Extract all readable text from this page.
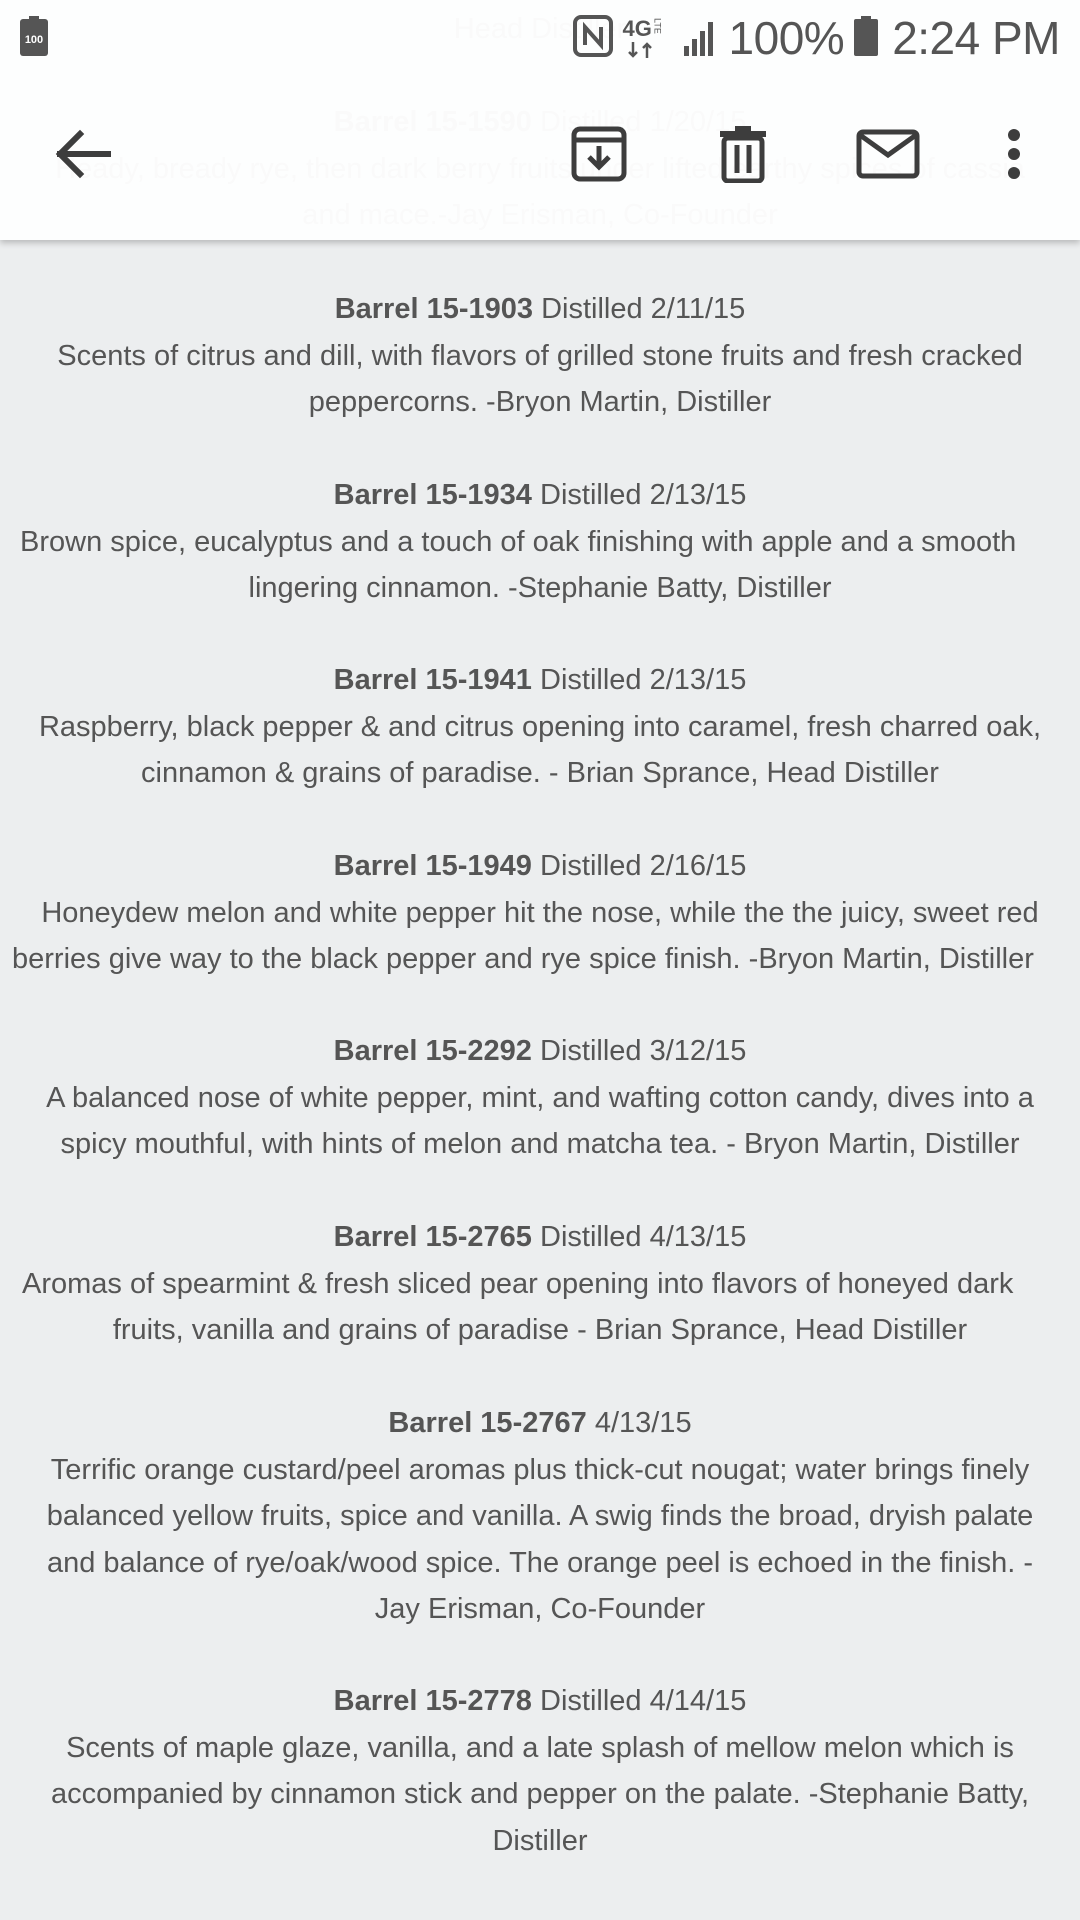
Barrel 15-1903 Distilled 2/11/15
Scents of citrus and dill, with flavors of grilled stone fruits and fresh cracked
peppercorns. -Bryon Martin, Distiller
Barrel 15-1934 Distilled 2/13/15
Brown spice, eucalyptus and a touch of oak finishing with apple and a smooth
lingering cinnamon. -Stephanie Batty, Distiller
Barrel 15-1941 Distilled 2/13/15
Raspberry, black pepper & and citrus opening into caramel, fresh charred oak,
cinnamon & grains of paradise. - Brian Sprance, Head Distiller
Barrel 15-1949 Distilled 2/16/15
Honeydew melon and white pepper hit the nose, while the the juicy, sweet red
berries give way to the black pepper and rye spice finish. -Bryon Martin, Distiller
Barrel 15-2292 Distilled 3/12/15
A balanced nose of white pepper, mint, and wafting cotton candy, dives into a
spicy mouthful, with hints of melon and matcha tea. - Bryon Martin, Distiller
Barrel 15-2765 Distilled 4/13/15
Aromas of spearmint & fresh sliced pear opening into flavors of honeyed dark
fruits, vanilla and grains of paradise - Brian Sprance, Head Distiller
Barrel 15-2767 4/13/15
Terrific orange custard/peel aromas plus thick-cut nougat; water brings finely
balanced yellow fruits, spice and vanilla. A swig finds the broad, dryish palate
and balance of rye/oak/wood spice. The orange peel is echoed in the finish. -
Jay Erisman, Co-Founder
Barrel 15-2778 Distilled 4/14/15
Scents of maple glaze, vanilla, and a late splash of mellow melon which is
accompanied by cinnamon stick and pepper on the palate. -Stephanie Batty,
Distiller
100	4G LTE 100% 2:24 PM
